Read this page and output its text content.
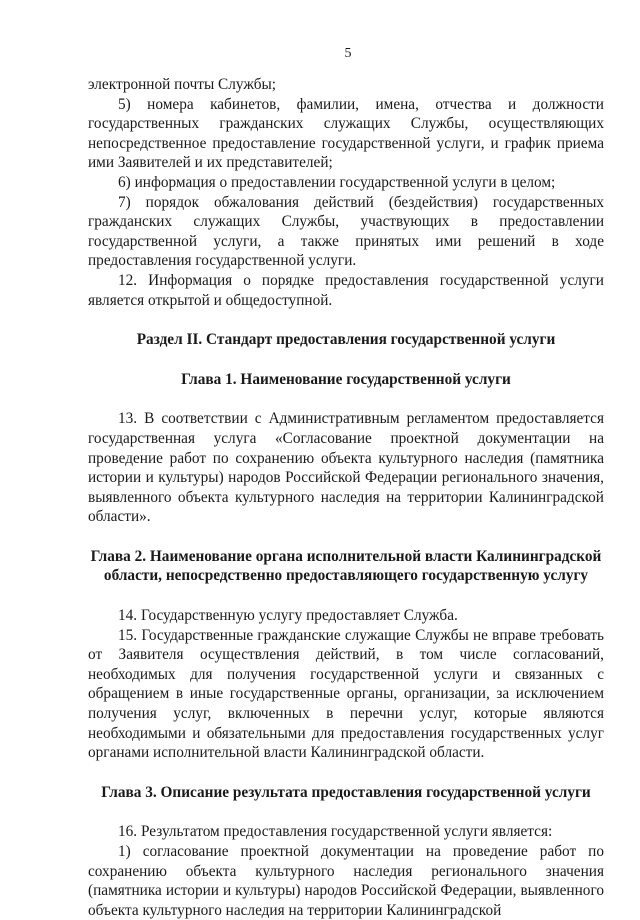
5

электронной почты Службы;

5) номера кабинетов, фамилии, имена, отчества и должности государственных гражданских служащих Службы, осуществляющих непосредственное предоставление государственной услуги, и график приема ими Заявителей и их представителей;

6) информация о предоставлении государственной услуги в целом;

7) порядок обжалования действий (бездействия) государственных гражданских служащих Службы, участвующих в предоставлении государственной услуги, а также принятых ими решений в ходе предоставления государственной услуги.

12. Информация о порядке предоставления государственной услуги является открытой и общедоступной.

Раздел II. Стандарт предоставления государственной услуги

Глава 1. Наименование государственной услуги

13. В соответствии с Административным регламентом предоставляется государственная услуга «Согласование проектной документации на проведение работ по сохранению объекта культурного наследия (памятника истории и культуры) народов Российской Федерации регионального значения, выявленного объекта культурного наследия на территории Калининградской области».

Глава 2. Наименование органа исполнительной власти Калининградской области, непосредственно предоставляющего государственную услугу

14. Государственную услугу предоставляет Служба.

15. Государственные гражданские служащие Службы не вправе требовать от Заявителя осуществления действий, в том числе согласований, необходимых для получения государственной услуги и связанных с обращением в иные государственные органы, организации, за исключением получения услуг, включенных в перечни услуг, которые являются необходимыми и обязательными для предоставления государственных услуг органами исполнительной власти Калининградской области.

Глава 3. Описание результата предоставления государственной услуги

16. Результатом предоставления государственной услуги является:

1) согласование проектной документации на проведение работ по сохранению объекта культурного наследия регионального значения (памятника истории и культуры) народов Российской Федерации, выявленного объекта культурного наследия на территории Калининградской
